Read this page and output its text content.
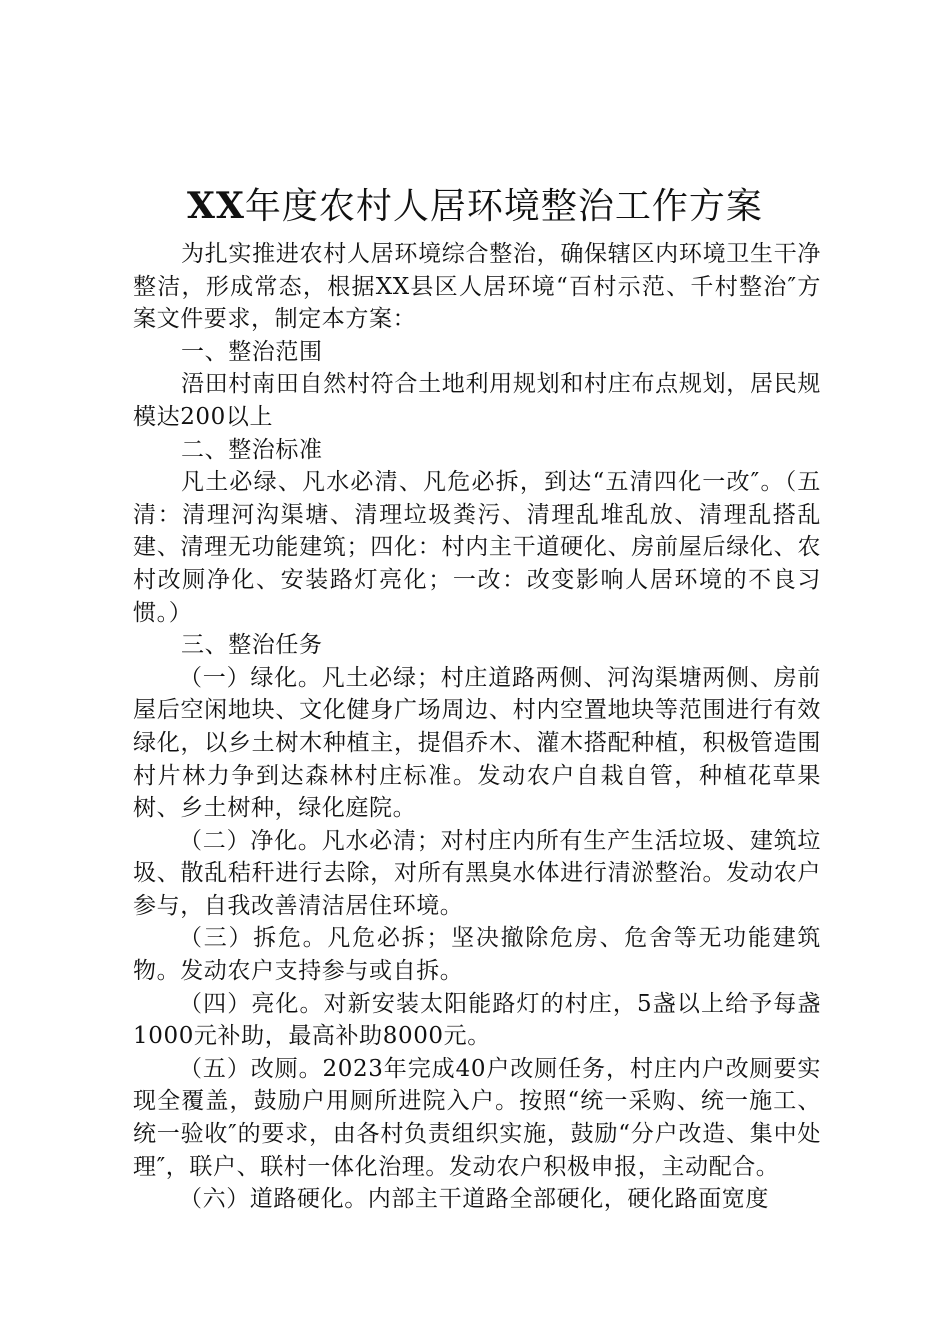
XX年度农村人居环境整治工作方案

为扎实推进农村人居环境综合整治，确保辖区内环境卫生干净整洁，形成常态，根据XX县区人居环境“百村示范、千村整治″方案文件要求，制定本方案：

一、整治范围

浯田村南田自然村符合土地利用规划和村庄布点规划，居民规模达200以上

二、整治标准

凡土必绿、凡水必清、凡危必拆，到达“五清四化一改″。（五清：清理河沟渠塘、清理垃圾粪污、清理乱堆乱放、清理乱搭乱建、清理无功能建筑；四化：村内主干道硬化、房前屋后绿化、农村改厕净化、安装路灯亮化；一改：改变影响人居环境的不良习惯。）

三、整治任务

（一）绿化。凡土必绿；村庄道路两侧、河沟渠塘两侧、房前屋后空闲地块、文化健身广场周边、村内空置地块等范围进行有效绿化，以乡土树木种植主，提倡乔木、灌木搭配种植，积极管造围村片林力争到达森林村庄标准。发动农户自栽自管，种植花草果树、乡土树种，绿化庭院。

（二）净化。凡水必清；对村庄内所有生产生活垃圾、建筑垃圾、散乱秸秆进行去除，对所有黑臭水体进行清淤整治。发动农户参与，自我改善清洁居住环境。

（三）拆危。凡危必拆；坚决撤除危房、危舍等无功能建筑物。发动农户支持参与或自拆。

（四）亮化。对新安装太阳能路灯的村庄，5盏以上给予每盏1000元补助，最高补助8000元。

（五）改厕。2023年完成40户改厕任务，村庄内户改厕要实现全覆盖，鼓励户用厕所进院入户。按照“统一采购、统一施工、统一验收″的要求，由各村负责组织实施，鼓励“分户改造、集中处理″，联户、联村一体化治理。发动农户积极申报，主动配合。

（六）道路硬化。内部主干道路全部硬化，硬化路面宽度
